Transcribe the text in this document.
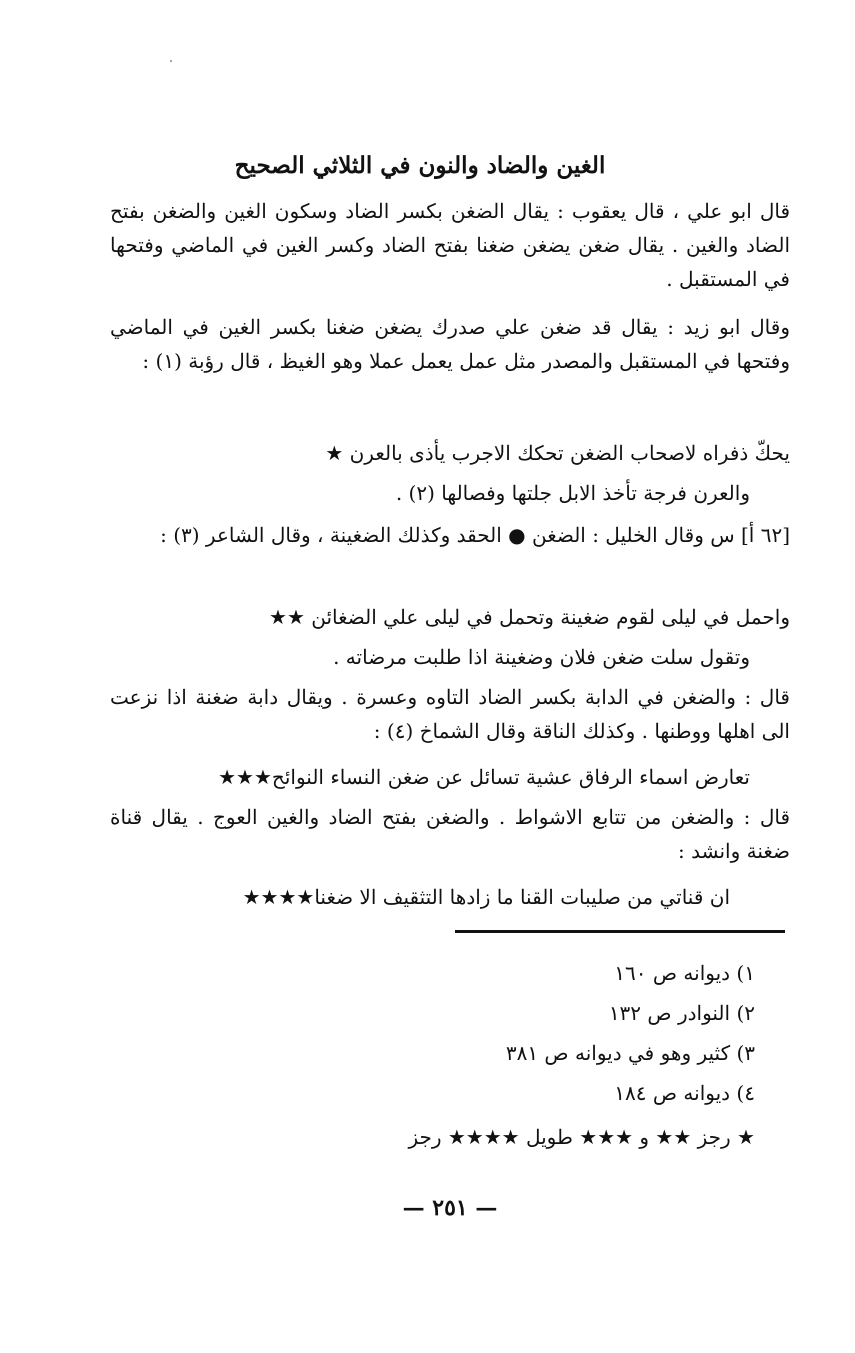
الغين والضاد والنون في الثلاثي الصحيح

قال ابو علي ، قال يعقوب : يقال الضغن بكسر الضاد وسكون الغين والضغن بفتح الضاد والغين . يقال ضغن يضغن ضغنا بفتح الضاد وكسر الغين في الماضي وفتحها في المستقبل .

وقال ابو زيد : يقال قد ضغن علي صدرك يضغن ضغنا بكسر الغين في الماضي وفتحها في المستقبل والمصدر مثل عمل يعمل عملا وهو الغيظ ، قال رؤبة (١) :

يحكّ ذفراه لاصحاب الضغن تحكك الاجرب يأذى بالعرن ★
والعرن فرجة تأخذ الابل جلتها وفصالها (٢) .

[٦٢ أ] س وقال الخليل : الضغن ● الحقد وكذلك الضغينة ، وقال الشاعر (٣) :

واحمل في ليلى لقوم ضغينة وتحمل في ليلى علي الضغائن ★★
وتقول سلت ضغن فلان وضغينة اذا طلبت مرضاته .

قال : والضغن في الدابة بكسر الضاد التاوه وعسرة . ويقال دابة ضغنة اذا نزعت الى اهلها ووطنها . وكذلك الناقة وقال الشماخ (٤) :

تعارض اسماء الرفاق عشية تسائل عن ضغن النساء النوائح★★★

قال : والضغن من تتابع الاشواط . والضغن بفتح الضاد والغين العوج . يقال قناة ضغنة وانشد :

ان قناتي من صليبات القنا ما زادها التثقيف الا ضغنا★★★★
١) ديوانه ص ١٦٠
٢) النوادر ص ١٣٢
٣) كثير وهو في ديوانه ص ٣٨١
٤) ديوانه ص ١٨٤
★ رجز ★★ و ★★★ طويل ★★★★ رجز
— ٢٥١ —
